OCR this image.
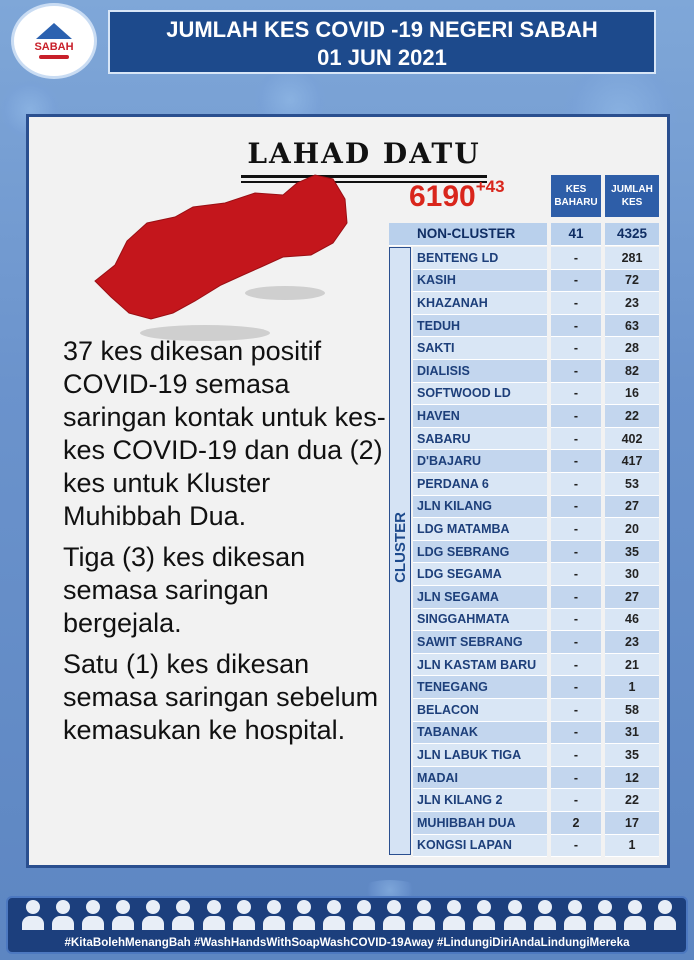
SABAH
JUMLAH KES COVID -19 NEGERI SABAH
01 JUN 2021
LAHAD DATU
$6190^{+43}$

37 kes dikesan positif COVID-19 semasa saringan kontak untuk kes-kes COVID-19 dan dua (2) kes untuk Kluster Muhibbah Dua.

Tiga (3) kes dikesan semasa saringan bergejala.

Satu (1) kes dikesan semasa saringan sebelum kemasukan ke hospital.

KES BAHARU
JUMLAH KES
NON-CLUSTER	41	4325
CLUSTER
BENTENG LD	-	281
KASIH	-	72
KHAZANAH	-	23
TEDUH	-	63
SAKTI	-	28
DIALISIS	-	82
SOFTWOOD LD	-	16
HAVEN	-	22
SABARU	-	402
D'BAJARU	-	417
PERDANA 6	-	53
JLN KILANG	-	27
LDG MATAMBA	-	20
LDG SEBRANG	-	35
LDG SEGAMA	-	30
JLN SEGAMA	-	27
SINGGAHMATA	-	46
SAWIT SEBRANG	-	23
JLN KASTAM BARU	-	21
TENEGANG	-	1
BELACON	-	58
TABANAK	-	31
JLN LABUK TIGA	-	35
MADAI	-	12
JLN KILANG 2	-	22
MUHIBBAH DUA	2	17
KONGSI LAPAN	-	1
#KitaBolehMenangBah #WashHandsWithSoapWashCOVID-19Away #LindungiDiriAndaLindungiMereka
